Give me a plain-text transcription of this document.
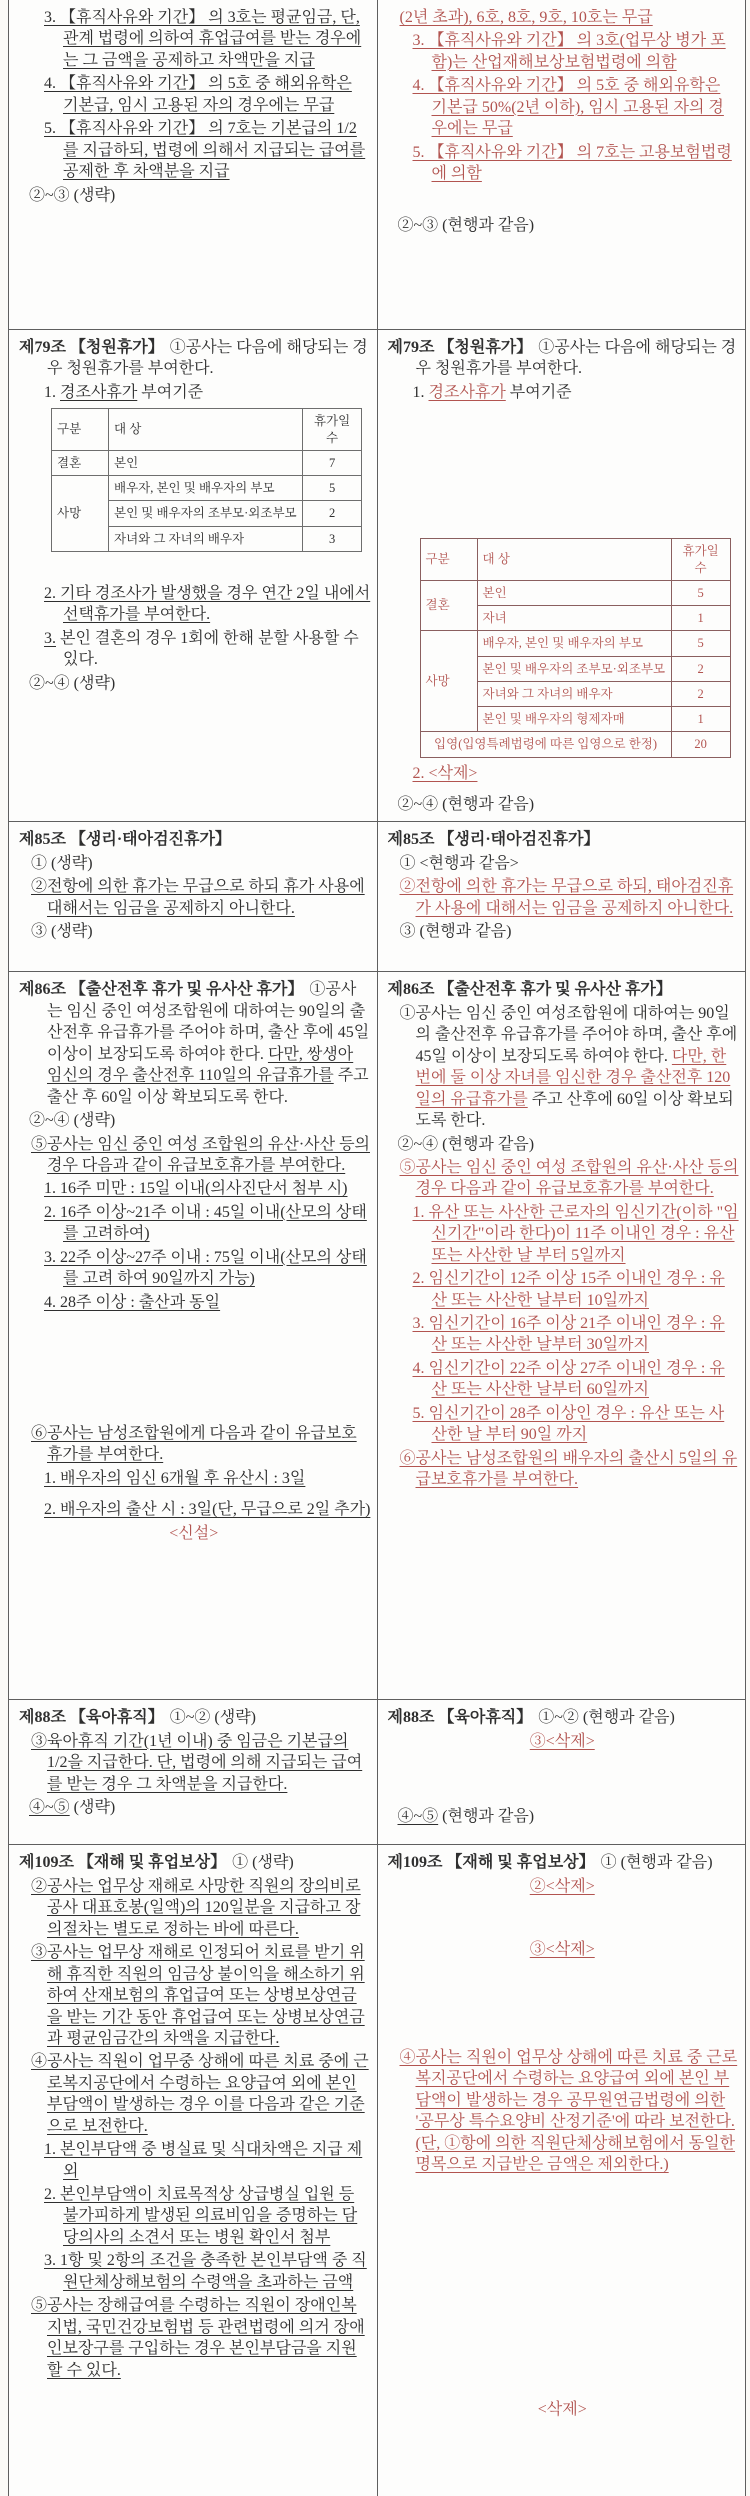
3. 【휴직사유와 기간】 의 3호는 평균임금, 단, 관계 법령에 의하여 휴업급여를 받는 경우에는 그 금액을 공제하고 차액만을 지급

4. 【휴직사유와 기간】 의 5호 중 해외유학은 기본급, 임시 고용된 자의 경우에는 무급

5. 【휴직사유와 기간】 의 7호는 기본급의 1/2를 지급하되, 법령에 의해서 지급되는 급여를 공제한 후 차액분을 지급

②~③ (생략)

(2년 초과), 6호, 8호, 9호, 10호는 무급

3. 【휴직사유와 기간】 의 3호(업무상 병가 포함)는 산업재해보상보험법령에 의함

4. 【휴직사유와 기간】 의 5호 중 해외유학은 기본급 50%(2년 이하), 임시 고용된 자의 경우에는 무급

5. 【휴직사유와 기간】 의 7호는 고용보험법령에 의함

②~③ (현행과 같음)

제79조 【청원휴가】 ①공사는 다음에 해당되는 경우 청원휴가를 부여한다.

1. 경조사휴가 부여기준

구분	대 상	휴가일수
결혼	본인	7
사망	배우자, 본인 및 배우자의 부모	5
본인 및 배우자의 조부모·외조부모	2
자녀와 그 자녀의 배우자	3

2. 기타 경조사가 발생했을 경우 연간 2일 내에서 선택휴가를 부여한다.

3. 본인 결혼의 경우 1회에 한해 분할 사용할 수 있다.

②~④ (생략)

제79조 【청원휴가】 ①공사는 다음에 해당되는 경우 청원휴가를 부여한다.

1. 경조사휴가 부여기준

구분	대 상	휴가일수
결혼	본인	5
자녀	1
사망	배우자, 본인 및 배우자의 부모	5
본인 및 배우자의 조부모·외조부모	2
자녀와 그 자녀의 배우자	2
본인 및 배우자의 형제자매	1
입영(입영특례법령에 따른 입영으로 한정)	20

2. <삭제>

②~④ (현행과 같음)

제85조 【생리·태아검진휴가】

① (생략)

②전항에 의한 휴가는 무급으로 하되 휴가 사용에 대해서는 임금을 공제하지 아니한다.

③ (생략)

제85조 【생리·태아검진휴가】

① <현행과 같음>

②전항에 의한 휴가는 무급으로 하되, 태아검진휴가 사용에 대해서는 임금을 공제하지 아니한다.

③ (현행과 같음)

제86조 【출산전후 휴가 및 유사산 휴가】 ①공사는 임신 중인 여성조합원에 대하여는 90일의 출산전후 유급휴가를 주어야 하며, 출산 후에 45일 이상이 보장되도록 하여야 한다. 다만, 쌍생아 임신의 경우 출산전후 110일의 유급휴가를 주고 출산 후 60일 이상 확보되도록 한다.

②~④ (생략)

⑤공사는 임신 중인 여성 조합원의 유산·사산 등의 경우 다음과 같이 유급보호휴가를 부여한다.

1. 16주 미만 : 15일 이내(의사진단서 첨부 시)

2. 16주 이상~21주 이내 : 45일 이내(산모의 상태를 고려하여)

3. 22주 이상~27주 이내 : 75일 이내(산모의 상태를 고려 하여 90일까지 가능)

4. 28주 이상 : 출산과 동일

⑥공사는 남성조합원에게 다음과 같이 유급보호휴가를 부여한다.

1. 배우자의 임신 6개월 후 유산시 : 3일

2. 배우자의 출산 시 : 3일(단, 무급으로 2일 추가)

<신설>

제86조 【출산전후 휴가 및 유사산 휴가】

①공사는 임신 중인 여성조합원에 대하여는 90일의 출산전후 유급휴가를 주어야 하며, 출산 후에 45일 이상이 보장되도록 하여야 한다. 다만, 한 번에 둘 이상 자녀를 임신한 경우 출산전후 120일의 유급휴가를 주고 산후에 60일 이상 확보되도록 한다.

②~④ (현행과 같음)

⑤공사는 임신 중인 여성 조합원의 유산·사산 등의 경우 다음과 같이 유급보호휴가를 부여한다.

1. 유산 또는 사산한 근로자의 임신기간(이하 "임신기간"이라 한다)이 11주 이내인 경우 : 유산 또는 사산한 날 부터 5일까지

2. 임신기간이 12주 이상 15주 이내인 경우 : 유산 또는 사산한 날부터 10일까지

3. 임신기간이 16주 이상 21주 이내인 경우 : 유산 또는 사산한 날부터 30일까지

4. 임신기간이 22주 이상 27주 이내인 경우 : 유산 또는 사산한 날부터 60일까지

5. 임신기간이 28주 이상인 경우 : 유산 또는 사산한 날 부터 90일 까지

⑥공사는 남성조합원의 배우자의 출산시 5일의 유급보호휴가를 부여한다.

제88조 【육아휴직】 ①~② (생략)

③육아휴직 기간(1년 이내) 중 임금은 기본급의 1/2을 지급한다. 단, 법령에 의해 지급되는 급여를 받는 경우 그 차액분을 지급한다.

④~⑤ (생략)

제88조 【육아휴직】 ①~② (현행과 같음)

③<삭제>

④~⑤ (현행과 같음)

제109조 【재해 및 휴업보상】 ① (생략)

②공사는 업무상 재해로 사망한 직원의 장의비로 공사 대표호봉(일액)의 120일분을 지급하고 장의절차는 별도로 정하는 바에 따른다.

③공사는 업무상 재해로 인정되어 치료를 받기 위해 휴직한 직원의 임금상 불이익을 해소하기 위하여 산재보험의 휴업급여 또는 상병보상연금을 받는 기간 동안 휴업급여 또는 상병보상연금과 평균임금간의 차액을 지급한다.

④공사는 직원이 업무중 상해에 따른 치료 중에 근로복지공단에서 수령하는 요양급여 외에 본인부담액이 발생하는 경우 이를 다음과 같은 기준으로 보전한다.

1. 본인부담액 중 병실료 및 식대차액은 지급 제외

2. 본인부담액이 치료목적상 상급병실 입원 등 불가피하게 발생된 의료비임을 증명하는 담당의사의 소견서 또는 병원 확인서 첨부

3. 1항 및 2항의 조건을 충족한 본인부담액 중 직원단체상해보험의 수령액을 초과하는 금액

⑤공사는 장해급여를 수령하는 직원이 장애인복지법, 국민건강보험법 등 관련법령에 의거 장애인보장구를 구입하는 경우 본인부담금을 지원할 수 있다.

제109조 【재해 및 휴업보상】 ① (현행과 같음)

②<삭제>

③<삭제>

④공사는 직원이 업무상 상해에 따른 치료 중 근로복지공단에서 수령하는 요양급여 외에 본인 부담액이 발생하는 경우 공무원연금법령에 의한 '공무상 특수요양비 산정기준'에 따라 보전한다.(단, ①항에 의한 직원단체상해보험에서 동일한 명목으로 지급받은 금액은 제외한다.)

<삭제>
